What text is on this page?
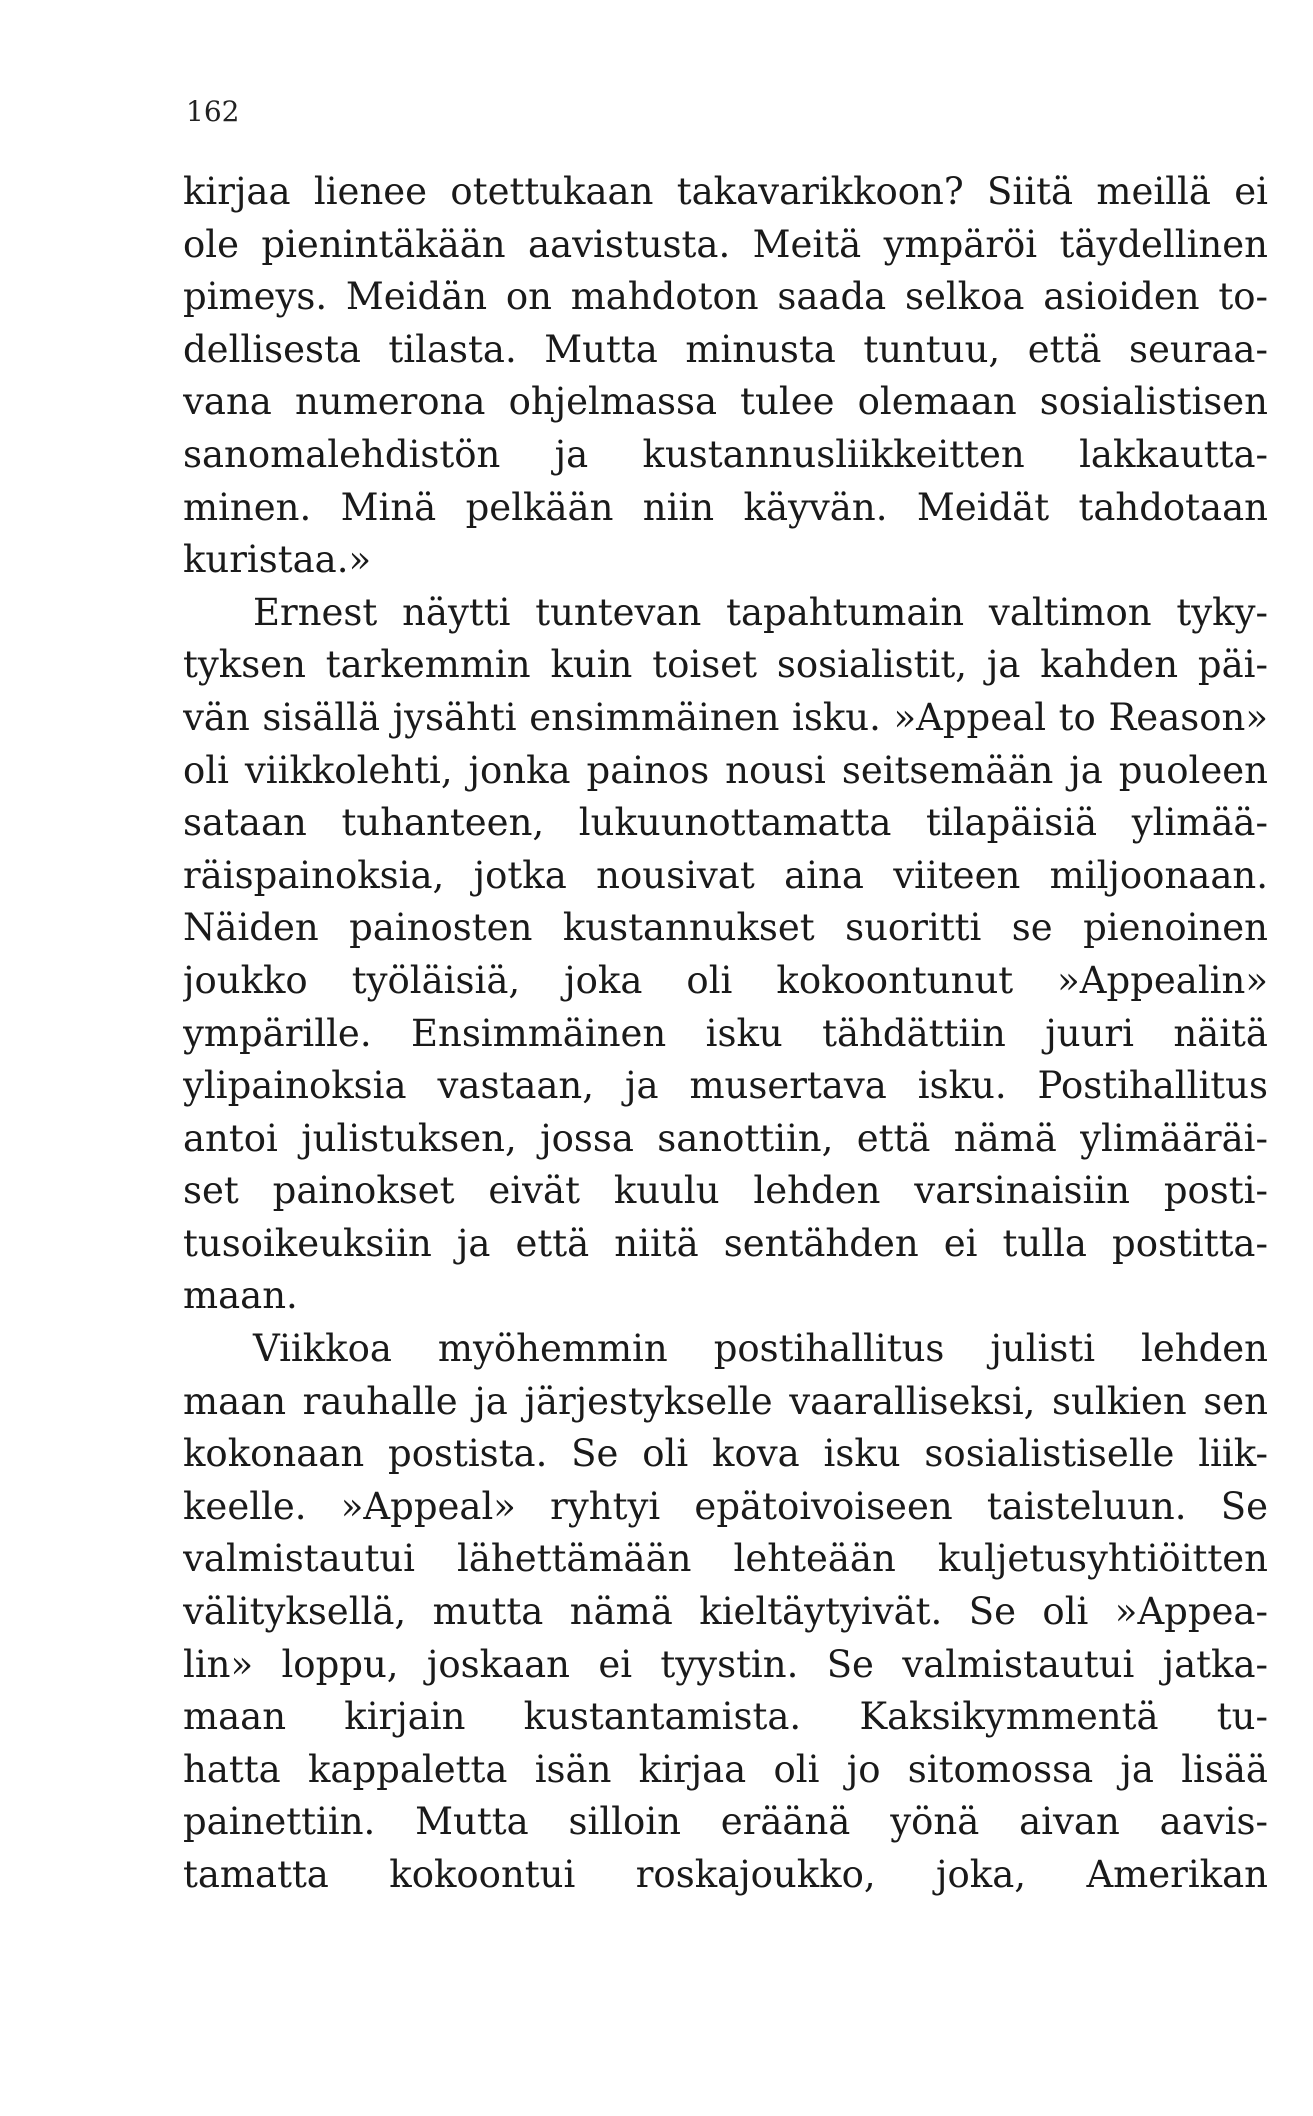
162
kirjaa lienee otettukaan takavarikkoon? Siitä meillä ei
ole pienintäkään aavistusta. Meitä ympäröi täydellinen
pimeys. Meidän on mahdoton saada selkoa asioiden to-
dellisesta tilasta. Mutta minusta tuntuu, että seuraa-
vana numerona ohjelmassa tulee olemaan sosialistisen
sanomalehdistön ja kustannusliikkeitten lakkautta-
minen. Minä pelkään niin käyvän. Meidät tahdotaan
kuristaa.»
Ernest näytti tuntevan tapahtumain valtimon tyky-
tyksen tarkemmin kuin toiset sosialistit, ja kahden päi-
vän sisällä jysähti ensimmäinen isku. »Appeal to Reason»
oli viikkolehti, jonka painos nousi seitsemään ja puoleen
sataan tuhanteen, lukuunottamatta tilapäisiä ylimää-
räispainoksia, jotka nousivat aina viiteen miljoonaan.
Näiden painosten kustannukset suoritti se pienoinen
joukko työläisiä, joka oli kokoontunut »Appealin»
ympärille. Ensimmäinen isku tähdättiin juuri näitä
ylipainoksia vastaan, ja musertava isku. Postihallitus
antoi julistuksen, jossa sanottiin, että nämä ylimääräi-
set painokset eivät kuulu lehden varsinaisiin posti-
tusoikeuksiin ja että niitä sentähden ei tulla postitta-
maan.
Viikkoa myöhemmin postihallitus julisti lehden
maan rauhalle ja järjestykselle vaaralliseksi, sulkien sen
kokonaan postista. Se oli kova isku sosialistiselle liik-
keelle. »Appeal» ryhtyi epätoivoiseen taisteluun. Se
valmistautui lähettämään lehteään kuljetusyhtiöitten
välityksellä, mutta nämä kieltäytyivät. Se oli »Appea-
lin» loppu, joskaan ei tyystin. Se valmistautui jatka-
maan kirjain kustantamista. Kaksikymmentä tu-
hatta kappaletta isän kirjaa oli jo sitomossa ja lisää
painettiin. Mutta silloin eräänä yönä aivan aavis-
tamatta kokoontui roskajoukko, joka, Amerikan
